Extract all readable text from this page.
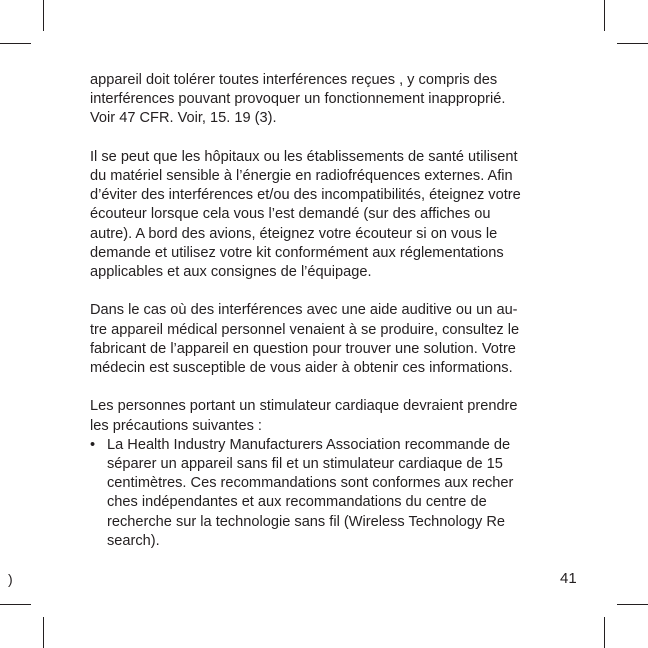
appareil doit tolérer toutes interférences reçues , y compris des
interférences pouvant provoquer un fonctionnement inapproprié.
Voir 47 CFR. Voir, 15. 19 (3).

Il se peut que les hôpitaux ou les établissements de santé utilisent
du matériel sensible à l’énergie en radiofréquences externes. Afin
d’éviter des interférences et/ou des incompatibilités, éteignez votre
écouteur lorsque cela vous l’est demandé (sur des affiches ou
autre). A bord des avions, éteignez votre écouteur si on vous le
demande et utilisez votre kit conformément aux réglementations
applicables et aux consignes de l’équipage.

Dans le cas où des interférences avec une aide auditive ou un au-
tre appareil médical personnel venaient à se produire, consultez le
fabricant de l’appareil en question pour trouver une solution. Votre
médecin est susceptible de vous aider à obtenir ces informations.

Les personnes portant un stimulateur cardiaque devraient prendre
les précautions suivantes :

• La Health Industry Manufacturers Association recommande de
séparer un appareil sans fil et un stimulateur cardiaque de 15
centimètres. Ces recommandations sont conformes aux recher
ches indépendantes et aux recommandations du centre de
recherche sur la technologie sans fil (Wireless Technology Re
search).
)	41
